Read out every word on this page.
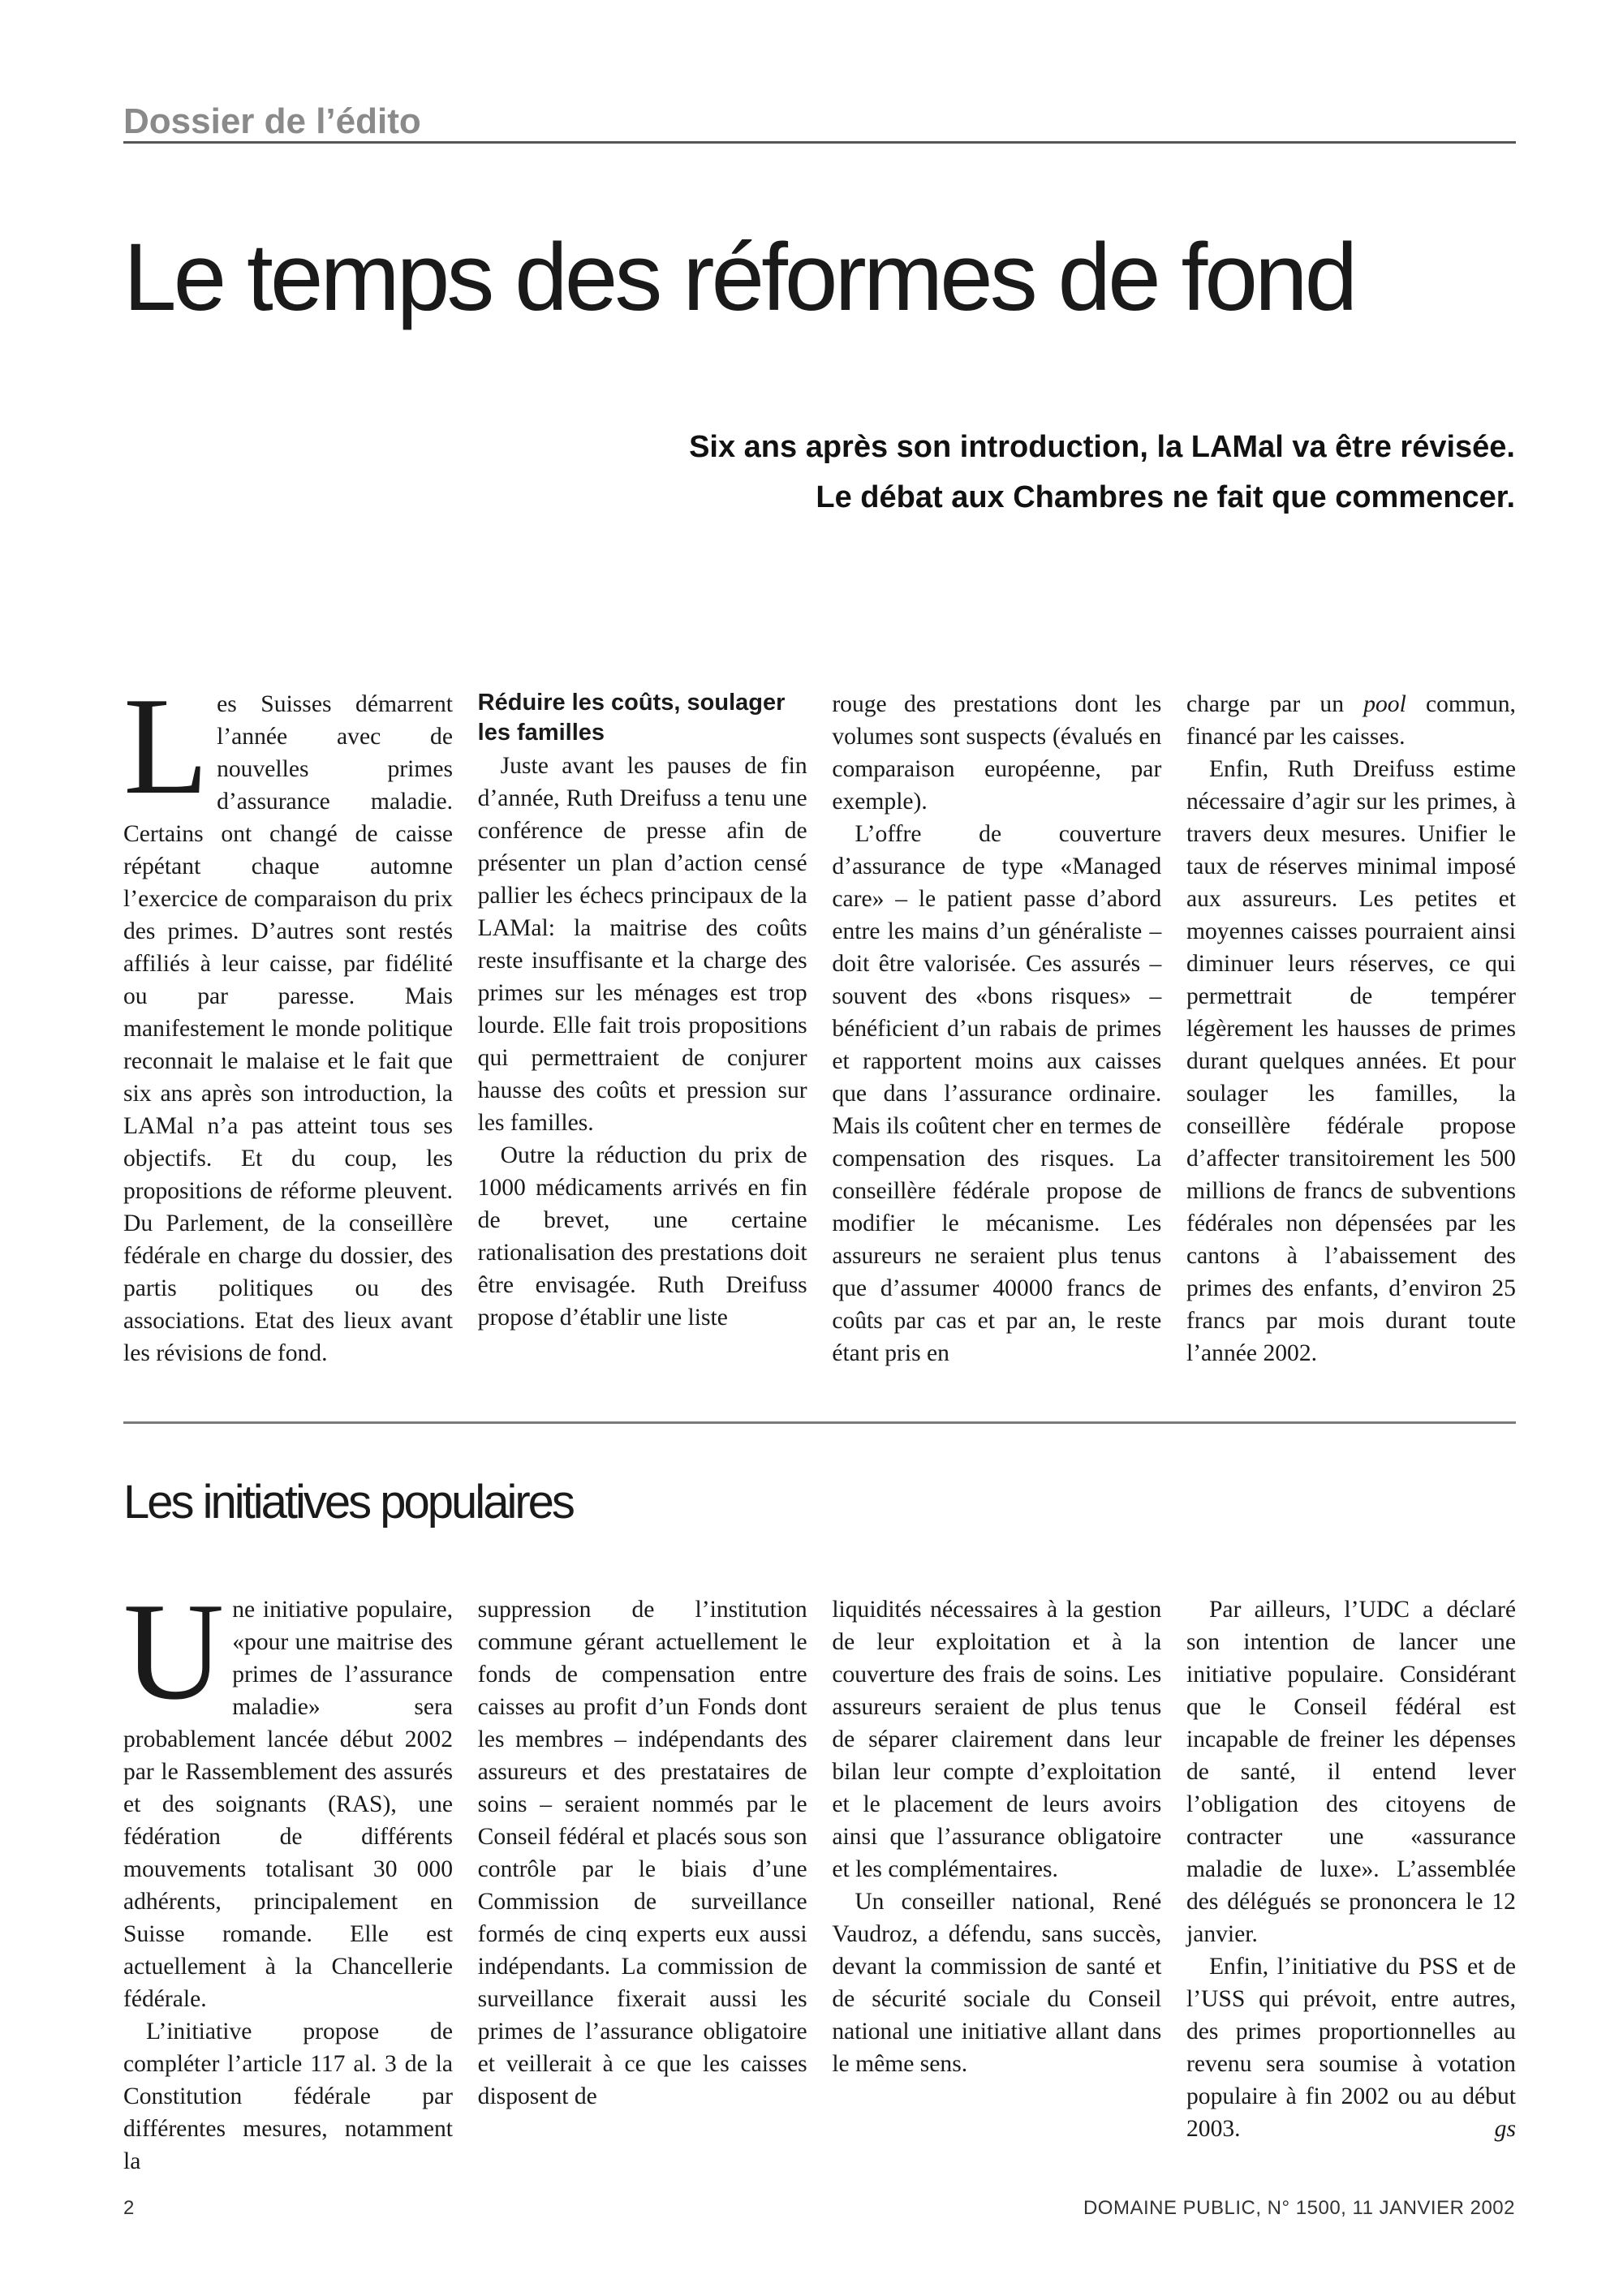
Dossier de l’édito
Le temps des réformes de fond
Six ans après son introduction, la LAMal va être révisée.
Le débat aux Chambres ne fait que commencer.

Les Suisses démarrent l’année avec de nouvelles primes d’assurance maladie. Certains ont changé de caisse répétant chaque automne l’exercice de comparaison du prix des primes. D’autres sont restés affiliés à leur caisse, par fidélité ou par paresse. Mais manifestement le monde politique reconnait le malaise et le fait que six ans après son introduction, la LAMal n’a pas atteint tous ses objectifs. Et du coup, les propositions de réforme pleuvent. Du Parlement, de la conseillère fédérale en charge du dossier, des partis politiques ou des associations. Etat des lieux avant les révisions de fond.

Réduire les coûts, soulager les familles

Juste avant les pauses de fin d’année, Ruth Dreifuss a tenu une conférence de presse afin de présenter un plan d’action censé pallier les échecs principaux de la LAMal: la maitrise des coûts reste insuffisante et la charge des primes sur les ménages est trop lourde. Elle fait trois propositions qui permettraient de conjurer hausse des coûts et pression sur les familles.

Outre la réduction du prix de 1000 médicaments arrivés en fin de brevet, une certaine rationalisation des prestations doit être envisagée. Ruth Dreifuss propose d’établir une liste

rouge des prestations dont les volumes sont suspects (évalués en comparaison européenne, par exemple).

L’offre de couverture d’assurance de type «Managed care» – le patient passe d’abord entre les mains d’un généraliste – doit être valorisée. Ces assurés – souvent des «bons risques» – bénéficient d’un rabais de primes et rapportent moins aux caisses que dans l’assurance ordinaire. Mais ils coûtent cher en termes de compensation des risques. La conseillère fédérale propose de modifier le mécanisme. Les assureurs ne seraient plus tenus que d’assumer 40000 francs de coûts par cas et par an, le reste étant pris en

charge par un pool commun, financé par les caisses.

Enfin, Ruth Dreifuss estime nécessaire d’agir sur les primes, à travers deux mesures. Unifier le taux de réserves minimal imposé aux assureurs. Les petites et moyennes caisses pourraient ainsi diminuer leurs réserves, ce qui permettrait de tempérer légèrement les hausses de primes durant quelques années. Et pour soulager les familles, la conseillère fédérale propose d’affecter transitoirement les 500 millions de francs de subventions fédérales non dépensées par les cantons à l’abaissement des primes des enfants, d’environ 25 francs par mois durant toute l’année 2002.

Les initiatives populaires

Une initiative populaire, «pour une maitrise des primes de l’assurance maladie» sera probablement lancée début 2002 par le Rassemblement des assurés et des soignants (RAS), une fédération de différents mouvements totalisant 30 000 adhérents, principalement en Suisse romande. Elle est actuellement à la Chancellerie fédérale.

L’initiative propose de compléter l’article 117 al. 3 de la Constitution fédérale par différentes mesures, notamment la

suppression de l’institution commune gérant actuellement le fonds de compensation entre caisses au profit d’un Fonds dont les membres – indépendants des assureurs et des prestataires de soins – seraient nommés par le Conseil fédéral et placés sous son contrôle par le biais d’une Commission de surveillance formés de cinq experts eux aussi indépendants. La commission de surveillance fixerait aussi les primes de l’assurance obligatoire et veillerait à ce que les caisses disposent de

liquidités nécessaires à la gestion de leur exploitation et à la couverture des frais de soins. Les assureurs seraient de plus tenus de séparer clairement dans leur bilan leur compte d’exploitation et le placement de leurs avoirs ainsi que l’assurance obligatoire et les complémentaires.

Un conseiller national, René Vaudroz, a défendu, sans succès, devant la commission de santé et de sécurité sociale du Conseil national une initiative allant dans le même sens.

Par ailleurs, l’UDC a déclaré son intention de lancer une initiative populaire. Considérant que le Conseil fédéral est incapable de freiner les dépenses de santé, il entend lever l’obligation des citoyens de contracter une «assurance maladie de luxe». L’assemblée des délégués se prononcera le 12 janvier.

Enfin, l’initiative du PSS et de l’USS qui prévoit, entre autres, des primes proportionnelles au revenu sera soumise à votation populaire à fin 2002 ou au début 2003.	gs

2	DOMAINE PUBLIC, N° 1500, 11 JANVIER 2002
